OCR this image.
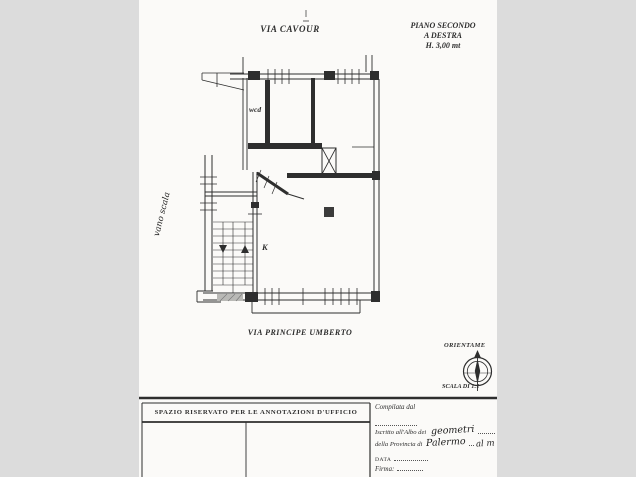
VIA CAVOUR	PIANO SECONDO
A DESTRA
H. 3,00 mt
wcd
K
vano scala
VIA PRINCIPE UMBERTO
ORIENTAME
SCALA DI 1:1
SPAZIO RISERVATO PER LE ANNOTAZIONI D'UFFICIO
Compilata dal
Iscritto all'Albo dei geometri
della Provincia di Palermo al m
DATA
Firma:
